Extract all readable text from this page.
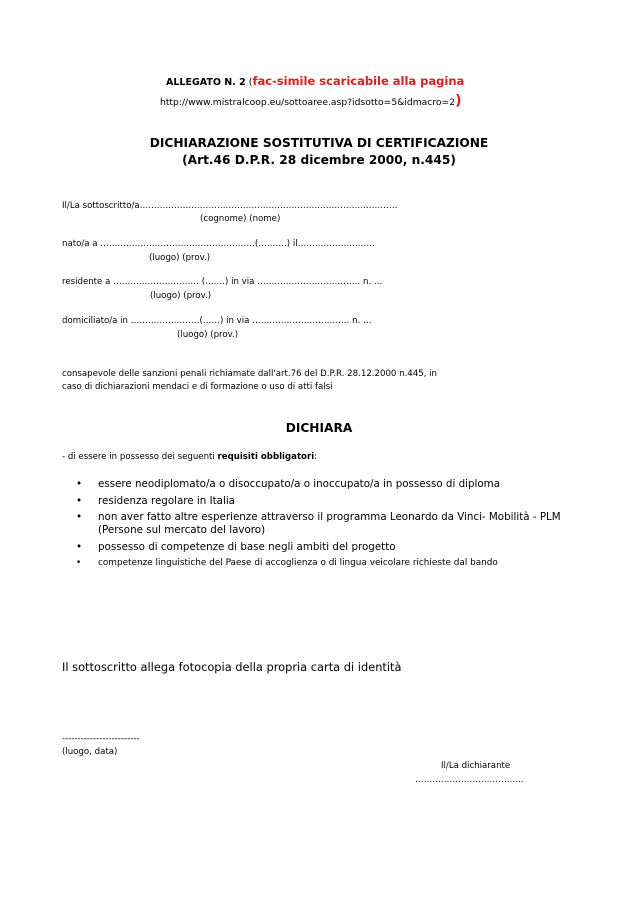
ALLEGATO N. 2 (fac-simile scaricabile alla pagina
http://www.mistralcoop.eu/sottoaree.asp?idsotto=5&idmacro=2)
DICHIARAZIONE SOSTITUTIVA DI CERTIFICAZIONE
(Art.46 D.P.R. 28 dicembre 2000, n.445)
Il/La sottoscritto/a………………………………………………………………………………
(cognome) (nome)
nato/a a ………………………………………………(……….) il………………………
(luogo) (prov.)
residente a ………………………… (…….) in via ……………………………… n. …
(luogo) (prov.)
domiciliato/a in ……………………(……) in via ……………………………. n. …
(luogo) (prov.)
consapevole delle sanzioni penali richiamate dall'art.76 del D.P.R. 28.12.2000 n.445, in
caso di dichiarazioni mendaci e di formazione o uso di atti falsi
DICHIARA
- di essere in possesso dei seguenti requisiti obbligatori:
• essere neodiplomato/a o disoccupato/a o inoccupato/a in possesso di diploma
• residenza regolare in Italia
• non aver fatto altre esperienze attraverso il programma Leonardo da Vinci- Mobilità - PLM (Persone sul mercato del lavoro)
• possesso di competenze di base negli ambiti del progetto
• competenze linguistiche del Paese di accoglienza o di lingua veicolare richieste dal bando
Il sottoscritto allega fotocopia della propria carta di identità
-------------------------
(luogo, data)
Il/La dichiarante
………………………………..
